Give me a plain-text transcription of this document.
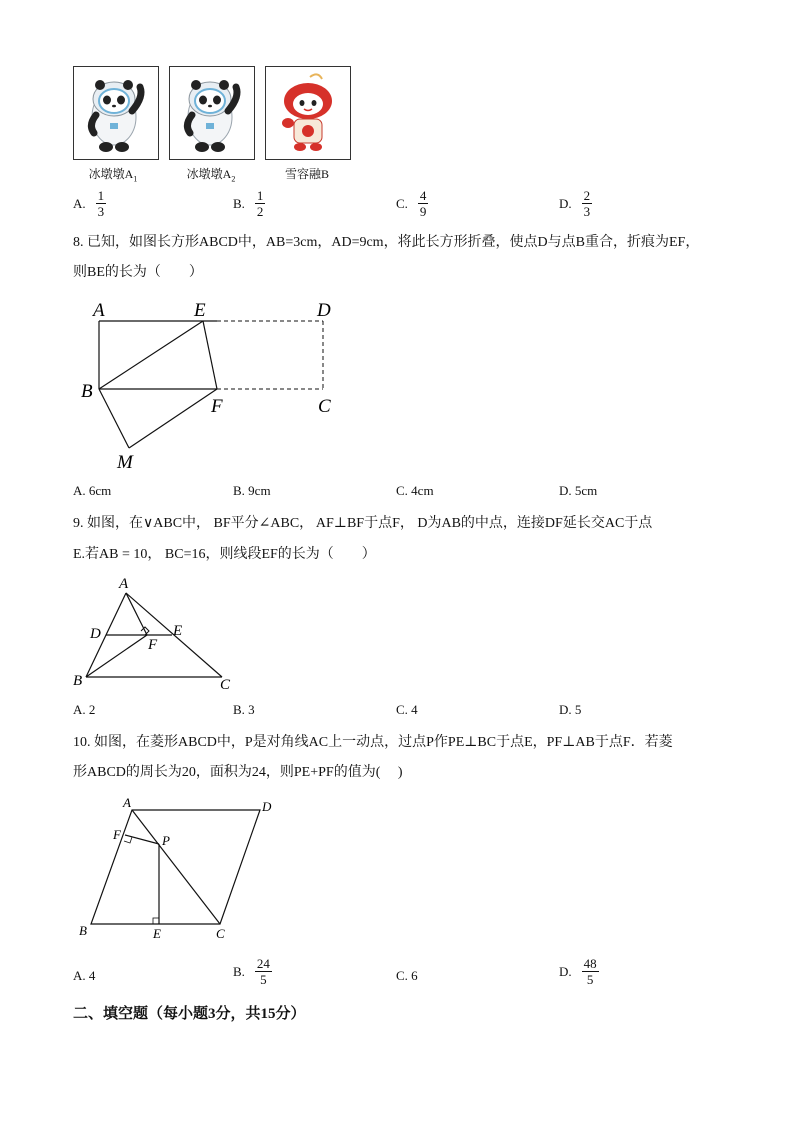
冰墩墩$A_1$	冰墩墩$A_2$	雪容融B
A. $\frac{1}{3}$	B. $\frac{1}{2}$	C. $\frac{4}{9}$	D. $\frac{2}{3}$
8. 已知，如图长方形ABCD中，AB=3cm，AD=9cm，将此长方形折叠，使点D与点B重合，折痕为EF，
则BE的长为（　　）
A	E	D
B
F	C
M
A. 6cm	B. 9cm	C. 4cm	D. 5cm
9. 如图，在∨ABC中， BF平分∠ABC， AF⊥BF于点F， D为AB的中点，连接DF延长交AC于点
E.若AB = 10， BC=16，则线段EF的长为（　　）
A
D	E
F
B	C
A. 2	B. 3	C. 4	D. 5
10. 如图，在菱形ABCD中，P是对角线AC上一动点，过点P作PE⊥BC于点E，PF⊥AB于点F．若菱
形ABCD的周长为20，面积为24，则PE+PF的值为(　 )
A	D
F	P
B	E	C
A. 4	B. $\frac{24}{5}$	C. 6	D. $\frac{48}{5}$
二、填空题（每小题3分，共15分）
